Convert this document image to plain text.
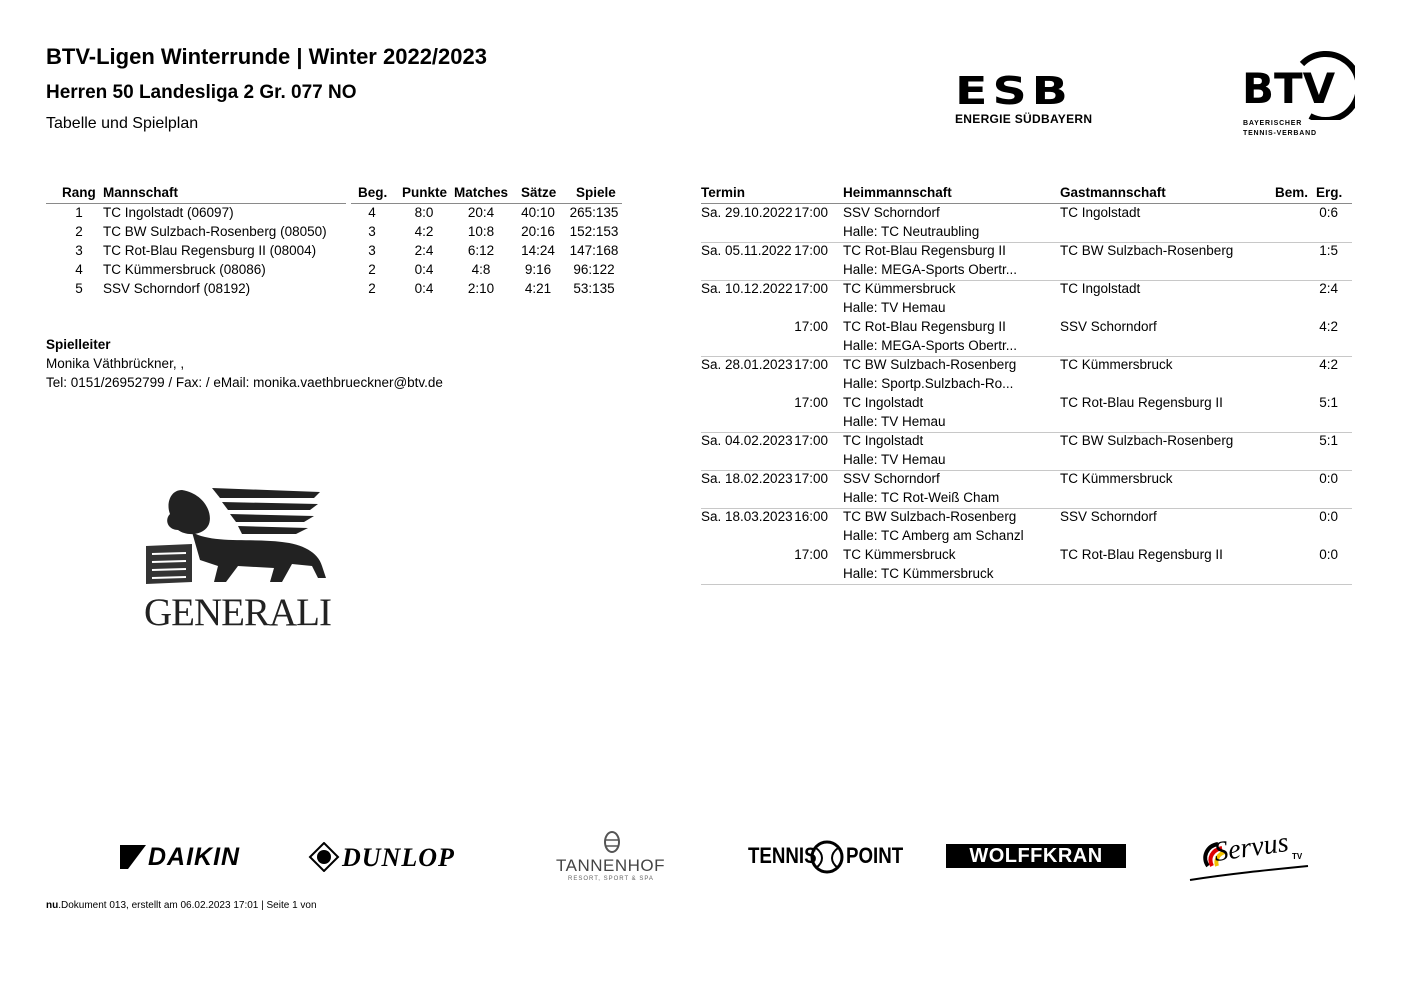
BTV-Ligen Winterrunde | Winter 2022/2023
Herren 50 Landesliga 2 Gr. 077 NO
Tabelle und Spielplan
ESB
ENERGIE SÜDBAYERN
BTV
BAYERISCHER
TENNIS-VERBAND
Rang Mannschaft	Beg. Punkte Matches Sätze Spiele
1	TC Ingolstadt (06097)	4	8:0	20:4	40:10	265:135
2	TC BW Sulzbach-Rosenberg (08050)	3	4:2	10:8	20:16	152:153
3	TC Rot-Blau Regensburg II (08004)	3	2:4	6:12	14:24	147:168
4	TC Kümmersbruck (08086)	2	0:4	4:8	9:16	96:122
5	SSV Schorndorf (08192)	2	0:4	2:10	4:21	53:135
Spielleiter
Monika Väthbrückner, ,
Tel: 0151/26952799 / Fax: / eMail: monika.vaethbrueckner@btv.de
Termin	Heimmannschaft	Gastmannschaft	Bem. Erg.
Sa. 29.10.2022 17:00 SSV Schorndorf	TC Ingolstadt	0:6
Halle: TC Neutraubling
Sa. 05.11.2022 17:00 TC Rot-Blau Regensburg II	TC BW Sulzbach-Rosenberg	1:5
Halle: MEGA-Sports Obertr...
Sa. 10.12.2022 17:00 TC Kümmersbruck	TC Ingolstadt	2:4
Halle: TV Hemau
17:00 TC Rot-Blau Regensburg II	SSV Schorndorf	4:2
Halle: MEGA-Sports Obertr...
Sa. 28.01.2023 17:00 TC BW Sulzbach-Rosenberg	TC Kümmersbruck	4:2
Halle: Sportp.Sulzbach-Ro...
17:00 TC Ingolstadt	TC Rot-Blau Regensburg II	5:1
Halle: TV Hemau
Sa. 04.02.2023 17:00 TC Ingolstadt	TC BW Sulzbach-Rosenberg	5:1
Halle: TV Hemau
Sa. 18.02.2023 17:00 SSV Schorndorf	TC Kümmersbruck	0:0
Halle: TC Rot-Weiß Cham
Sa. 18.03.2023 16:00 TC BW Sulzbach-Rosenberg	SSV Schorndorf	0:0
Halle: TC Amberg am Schanzl
17:00 TC Kümmersbruck	TC Rot-Blau Regensburg II	0:0
Halle: TC Kümmersbruck
GENERALI
DAIKIN	DUNLOP	TANNENHOF
RESORT, SPORT & SPA
TENNIS POINT	WOLFFKRAN	Servus TV
nu.Dokument 013, erstellt am 06.02.2023 17:01 | Seite 1 von
